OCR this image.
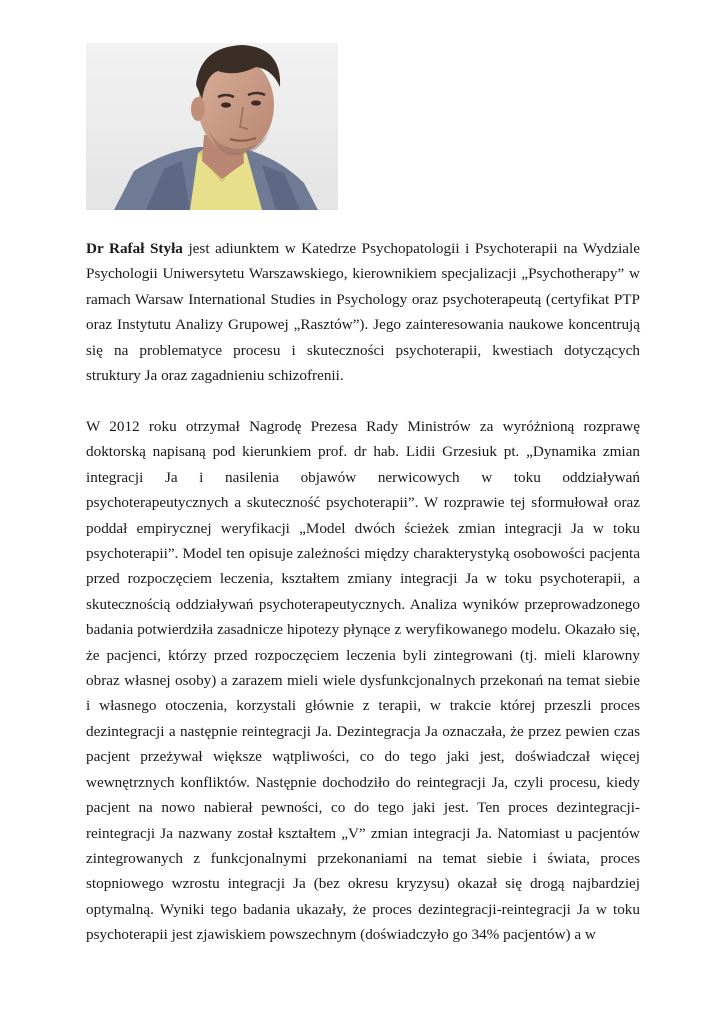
Dr Rafał Styła jest adiunktem w Katedrze Psychopatologii i Psychoterapii na Wydziale Psychologii Uniwersytetu Warszawskiego, kierownikiem specjalizacji „Psychotherapy” w ramach Warsaw International Studies in Psychology oraz psychoterapeutą (certyfikat PTP oraz Instytutu Analizy Grupowej „Rasztów”). Jego zainteresowania naukowe koncentrują się na problematyce procesu i skuteczności psychoterapii, kwestiach dotyczących struktury Ja oraz zagadnieniu schizofrenii.

W 2012 roku otrzymał Nagrodę Prezesa Rady Ministrów za wyróżnioną rozprawę doktorską napisaną pod kierunkiem prof. dr hab. Lidii Grzesiuk pt. „Dynamika zmian integracji Ja i nasilenia objawów nerwicowych w toku oddziaływań psychoterapeutycznych a skuteczność psychoterapii”. W rozprawie tej sformułował oraz poddał empirycznej weryfikacji „Model dwóch ścieżek zmian integracji Ja w toku psychoterapii”. Model ten opisuje zależności między charakterystyką osobowości pacjenta przed rozpoczęciem leczenia, kształtem zmiany integracji Ja w toku psychoterapii, a skutecznością oddziaływań psychoterapeutycznych. Analiza wyników przeprowadzonego badania potwierdziła zasadnicze hipotezy płynące z weryfikowanego modelu. Okazało się, że pacjenci, którzy przed rozpoczęciem leczenia byli zintegrowani (tj. mieli klarowny obraz własnej osoby) a zarazem mieli wiele dysfunkcjonalnych przekonań na temat siebie i własnego otoczenia, korzystali głównie z terapii, w trakcie której przeszli proces dezintegracji a następnie reintegracji Ja. Dezintegracja Ja oznaczała, że przez pewien czas pacjent przeżywał większe wątpliwości, co do tego jaki jest, doświadczał więcej wewnętrznych konfliktów. Następnie dochodziło do reintegracji Ja, czyli procesu, kiedy pacjent na nowo nabierał pewności, co do tego jaki jest. Ten proces dezintegracji-reintegracji Ja nazwany został kształtem „V” zmian integracji Ja. Natomiast u pacjentów zintegrowanych z funkcjonalnymi przekonaniami na temat siebie i świata, proces stopniowego wzrostu integracji Ja (bez okresu kryzysu) okazał się drogą najbardziej optymalną. Wyniki tego badania ukazały, że proces dezintegracji-reintegracji Ja w toku psychoterapii jest zjawiskiem powszechnym (doświadczyło go 34% pacjentów) a w
